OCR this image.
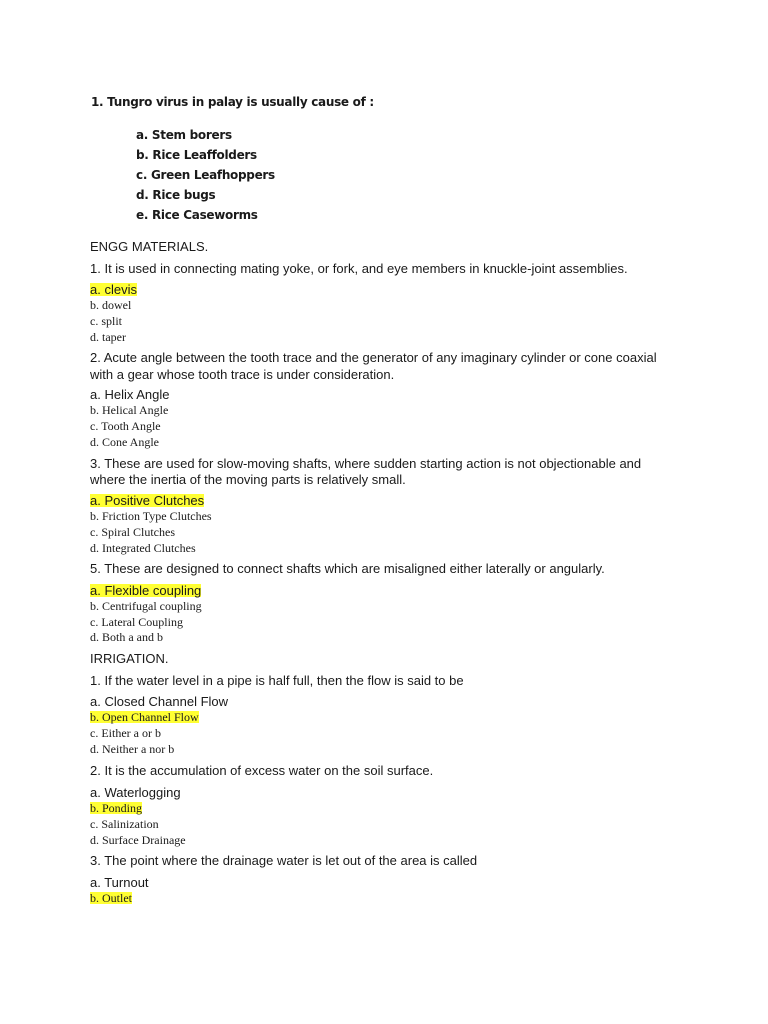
1. Tungro virus in palay is usually cause of :
a. Stem borers
b. Rice Leaffolders
c. Green Leafhoppers
d. Rice bugs
e. Rice Caseworms
ENGG MATERIALS.
1. It is used in connecting mating yoke, or fork, and eye members in knuckle-joint assemblies.
a. clevis
b. dowel
c. split
d. taper
2. Acute angle between the tooth trace and the generator of any imaginary cylinder or cone coaxial
with a gear whose tooth trace is under consideration.
a. Helix Angle
b. Helical Angle
c. Tooth Angle
d. Cone Angle
3. These are used for slow-moving shafts, where sudden starting action is not objectionable and
where the inertia of the moving parts is relatively small.
a. Positive Clutches
b. Friction Type Clutches
c. Spiral Clutches
d. Integrated Clutches
5. These are designed to connect shafts which are misaligned either laterally or angularly.
a. Flexible coupling
b. Centrifugal coupling
c. Lateral Coupling
d. Both a and b
IRRIGATION.
1. If the water level in a pipe is half full, then the flow is said to be
a. Closed Channel Flow
b. Open Channel Flow
c. Either a or b
d. Neither a nor b
2. It is the accumulation of excess water on the soil surface.
a. Waterlogging
b. Ponding
c. Salinization
d. Surface Drainage
3. The point where the drainage water is let out of the area is called
a. Turnout
b. Outlet
